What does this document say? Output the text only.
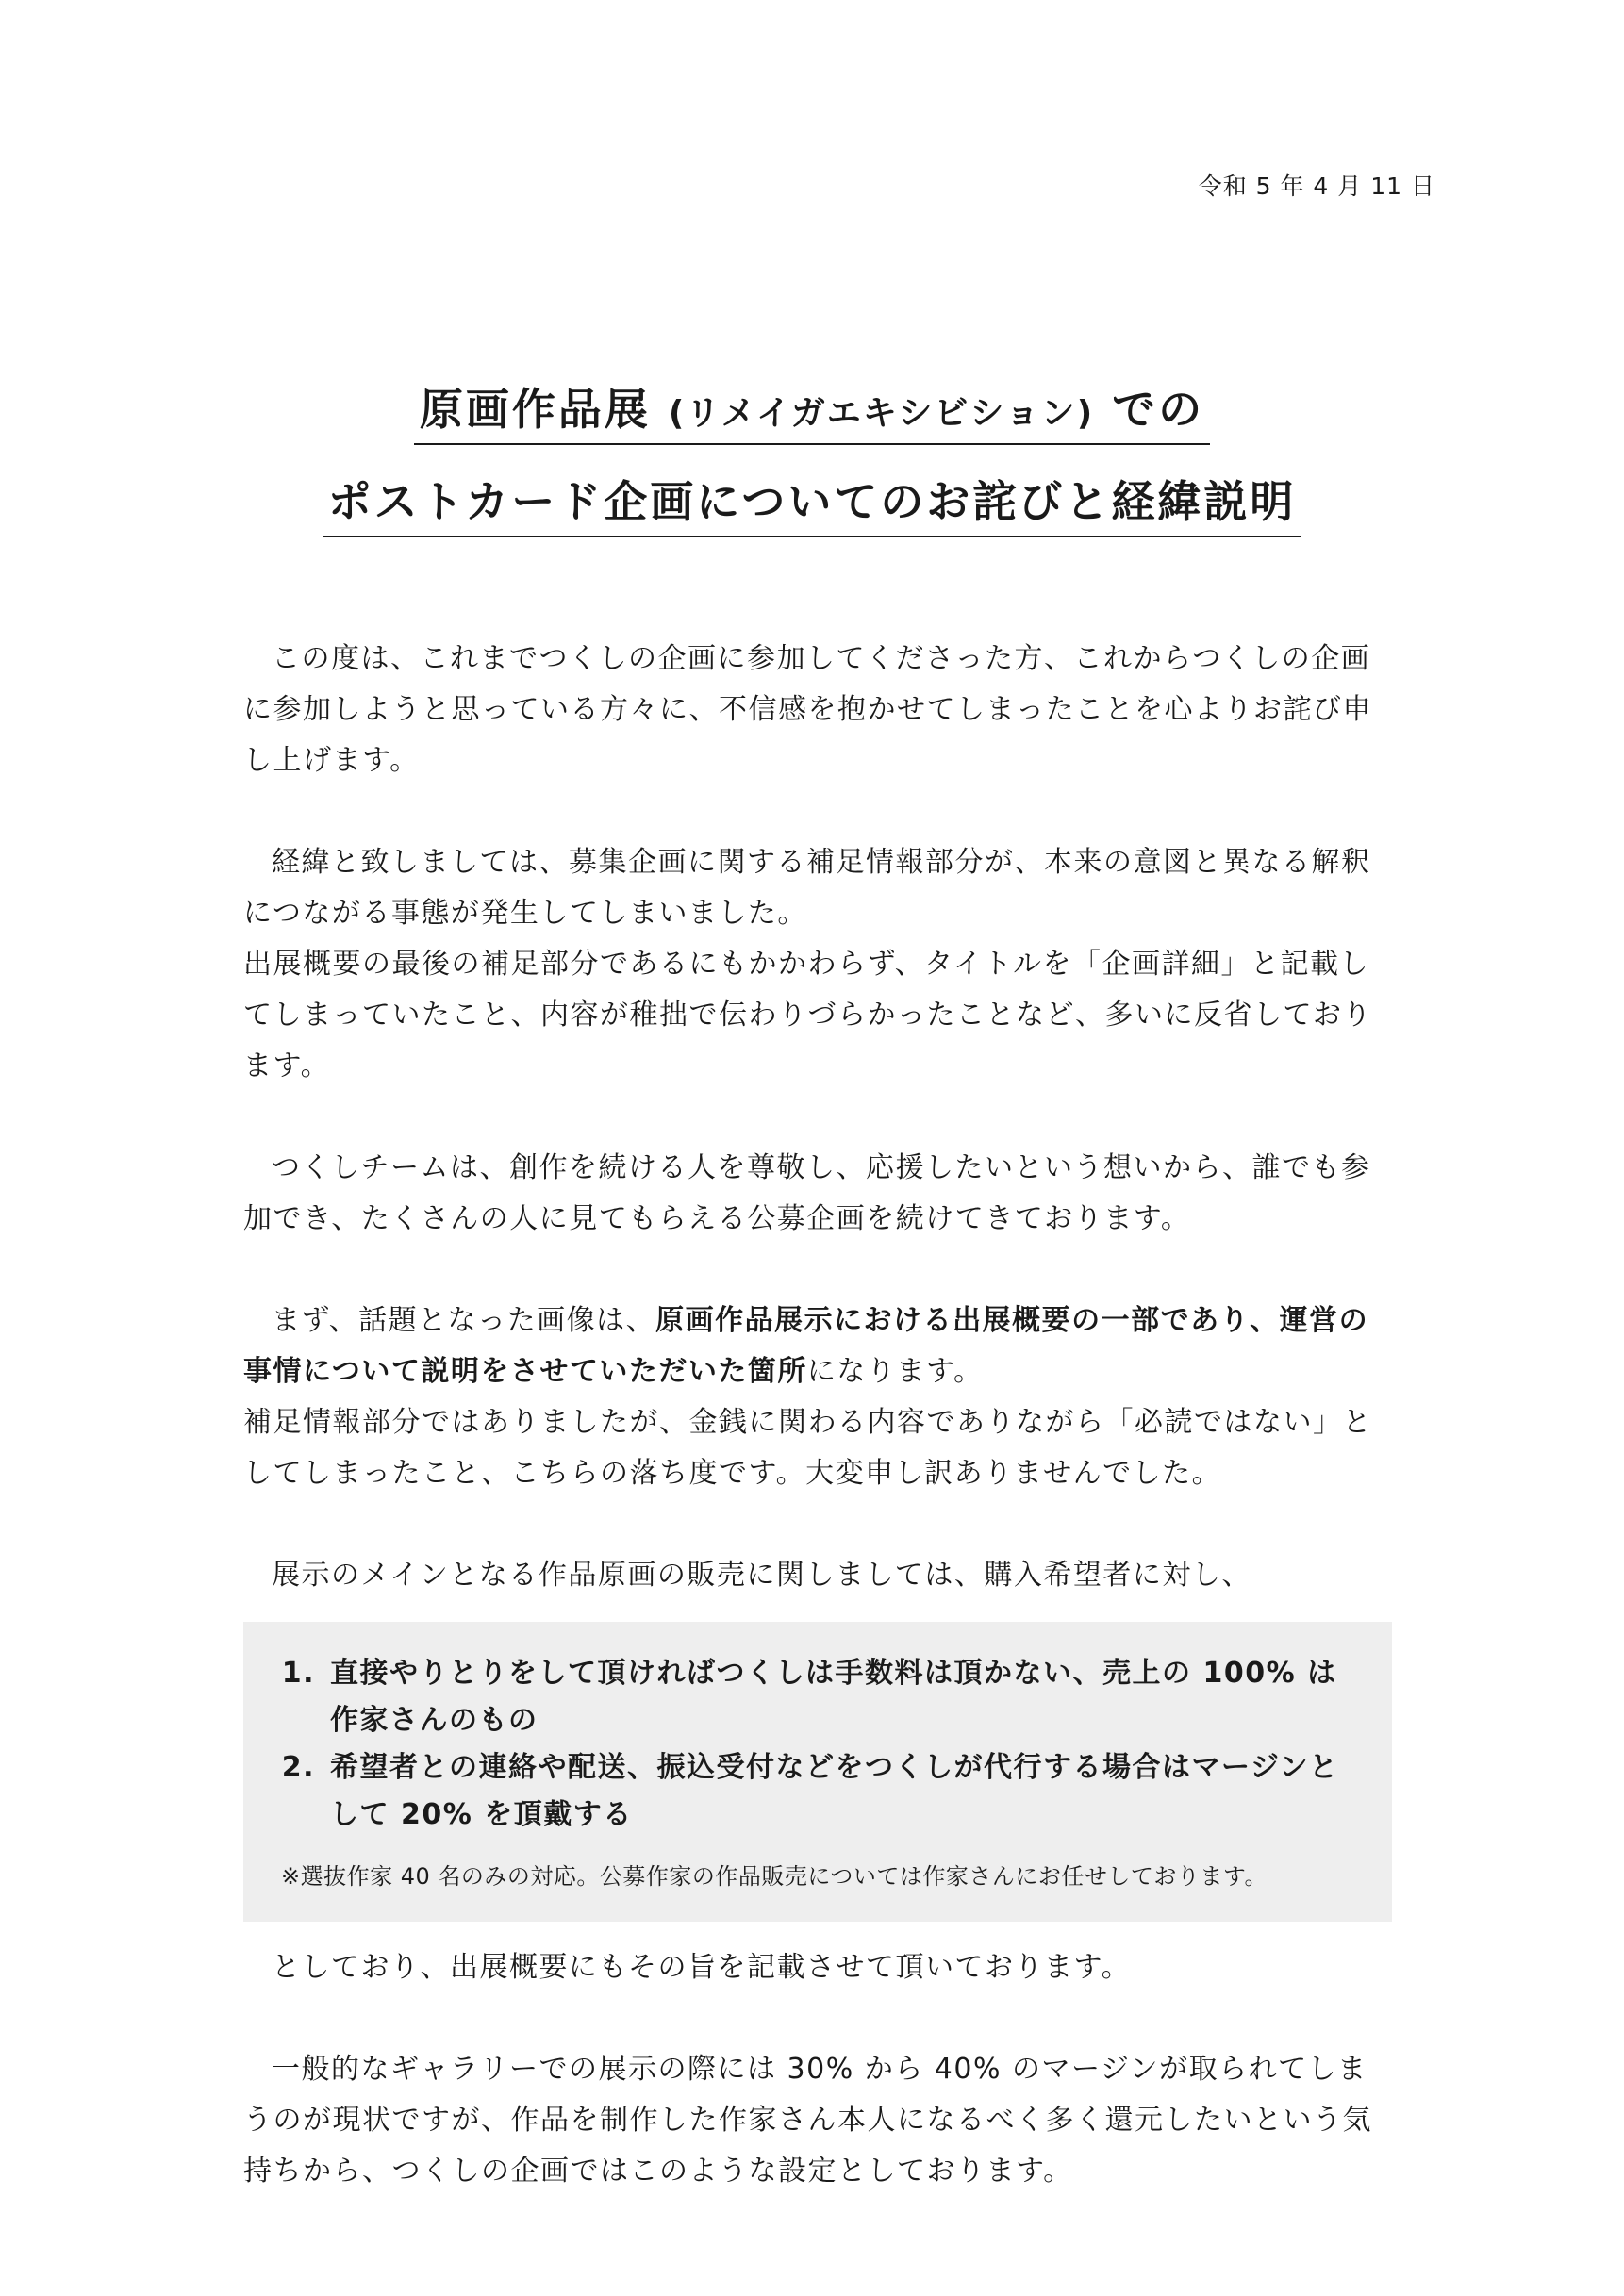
令和 5 年 4 月 11 日
原画作品展 (リメイガエキシビション) での
ポストカード企画についてのお詫びと経緯説明

この度は、これまでつくしの企画に参加してくださった方、これからつくしの企画に参加しようと思っている方々に、不信感を抱かせてしまったことを心よりお詫び申し上げます。

経緯と致しましては、募集企画に関する補足情報部分が、本来の意図と異なる解釈につながる事態が発生してしまいました。

出展概要の最後の補足部分であるにもかかわらず、タイトルを「企画詳細」と記載してしまっていたこと、内容が稚拙で伝わりづらかったことなど、多いに反省しております。

つくしチームは、創作を続ける人を尊敬し、応援したいという想いから、誰でも参加でき、たくさんの人に見てもらえる公募企画を続けてきております。

まず、話題となった画像は、原画作品展示における出展概要の一部であり、運営の事情について説明をさせていただいた箇所になります。

補足情報部分ではありましたが、金銭に関わる内容でありながら「必読ではない」としてしまったこと、こちらの落ち度です。大変申し訳ありませんでした。

展示のメインとなる作品原画の販売に関しましては、購入希望者に対し、

1. 直接やりとりをして頂ければつくしは手数料は頂かない、売上の 100% は作家さんのもの
2. 希望者との連絡や配送、振込受付などをつくしが代行する場合はマージンとして 20% を頂戴する
※選抜作家 40 名のみの対応。公募作家の作品販売については作家さんにお任せしております。

としており、出展概要にもその旨を記載させて頂いております。

一般的なギャラリーでの展示の際には 30% から 40% のマージンが取られてしまうのが現状ですが、作品を制作した作家さん本人になるべく多く還元したいという気持ちから、つくしの企画ではこのような設定としております。
